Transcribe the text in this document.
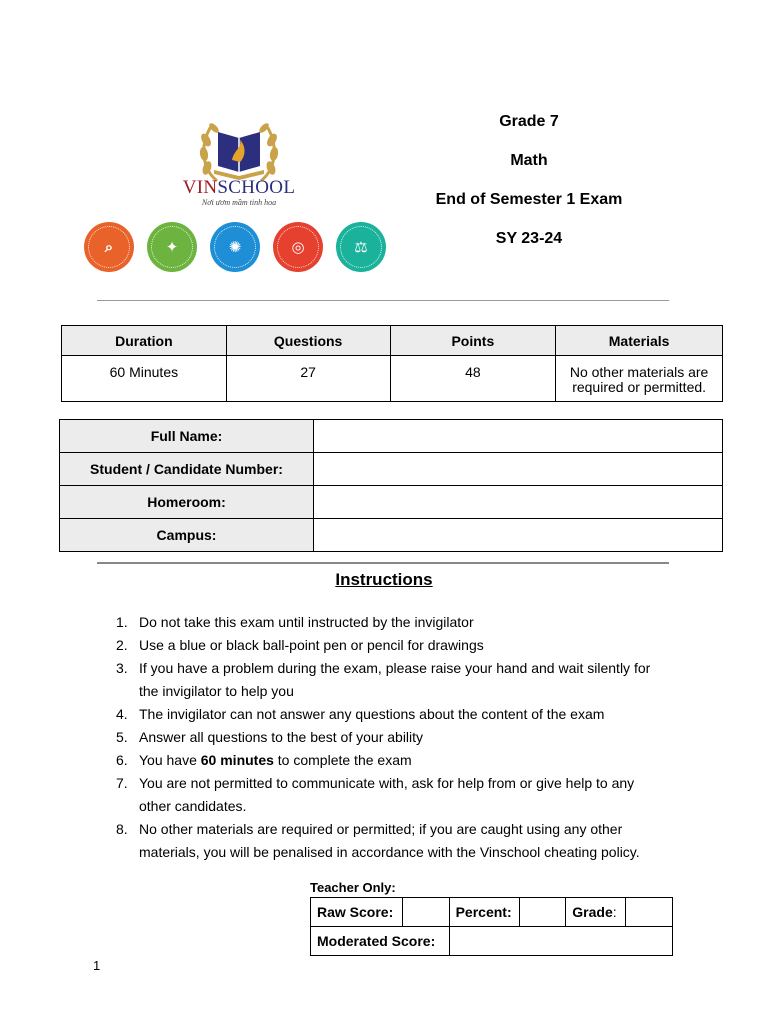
VINSCHOOL
Nơi ươm mầm tinh hoa
⌕	✦	✺	◎	⚖
Grade 7
Math
End of Semester 1 Exam
SY 23-24
Duration	Questions	Points	Materials
60 Minutes	27	48	No other materials are required or permitted.
Full Name:	
Student / Candidate Number:	
Homeroom:	
Campus:	
Instructions
1. Do not take this exam until instructed by the invigilator
2. Use a blue or black ball-point pen or pencil for drawings
3. If you have a problem during the exam, please raise your hand and wait silently for the invigilator to help you
4. The invigilator can not answer any questions about the content of the exam
5. Answer all questions to the best of your ability
6. You have 60 minutes to complete the exam
7. You are not permitted to communicate with, ask for help from or give help to any other candidates.
8. No other materials are required or permitted; if you are caught using any other materials, you will be penalised in accordance with the Vinschool cheating policy.
Teacher Only:
Raw Score:		Percent:		Grade:	
Moderated Score:					
1
